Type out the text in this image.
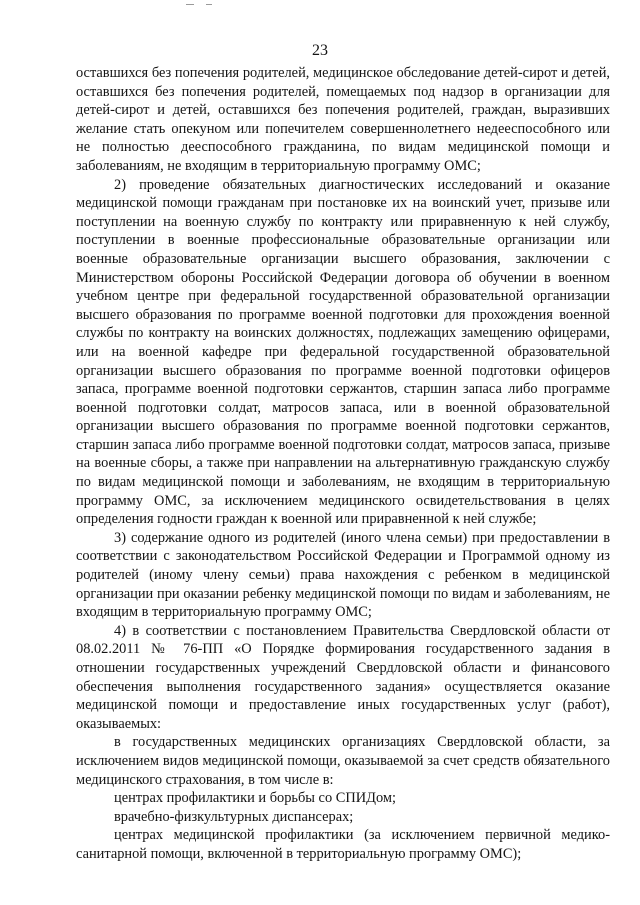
23

оставшихся без попечения родителей, медицинское обследование детей-сирот и детей, оставшихся без попечения родителей, помещаемых под надзор в организации для детей-сирот и детей, оставшихся без попечения родителей, граждан, выразивших желание стать опекуном или попечителем совершеннолетнего недееспособного или не полностью дееспособного гражданина, по видам медицинской помощи и заболеваниям, не входящим в территориальную программу ОМС;

2) проведение обязательных диагностических исследований и оказание медицинской помощи гражданам при постановке их на воинский учет, призыве или поступлении на военную службу по контракту или приравненную к ней службу, поступлении в военные профессиональные образовательные организации или военные образовательные организации высшего образования, заключении с Министерством обороны Российской Федерации договора об обучении в военном учебном центре при федеральной государственной образовательной организации высшего образования по программе военной подготовки для прохождения военной службы по контракту на воинских должностях, подлежащих замещению офицерами, или на военной кафедре при федеральной государственной образовательной организации высшего образования по программе военной подготовки офицеров запаса, программе военной подготовки сержантов, старшин запаса либо программе военной подготовки солдат, матросов запаса, или в военной образовательной организации высшего образования по программе военной подготовки сержантов, старшин запаса либо программе военной подготовки солдат, матросов запаса, призыве на военные сборы, а также при направлении на альтернативную гражданскую службу по видам медицинской помощи и заболеваниям, не входящим в территориальную программу ОМС, за исключением медицинского освидетельствования в целях определения годности граждан к военной или приравненной к ней службе;

3) содержание одного из родителей (иного члена семьи) при предоставлении в соответствии с законодательством Российской Федерации и Программой одному из родителей (иному члену семьи) права нахождения с ребенком в медицинской организации при оказании ребенку медицинской помощи по видам и заболеваниям, не входящим в территориальную программу ОМС;

4) в соответствии с постановлением Правительства Свердловской области от 08.02.2011 № 76-ПП «О Порядке формирования государственного задания в отношении государственных учреждений Свердловской области и финансового обеспечения выполнения государственного задания» осуществляется оказание медицинской помощи и предоставление иных государственных услуг (работ), оказываемых:

в государственных медицинских организациях Свердловской области, за исключением видов медицинской помощи, оказываемой за счет средств обязательного медицинского страхования, в том числе в:

центрах профилактики и борьбы со СПИДом;

врачебно-физкультурных диспансерах;

центрах медицинской профилактики (за исключением первичной медико-санитарной помощи, включенной в территориальную программу ОМС);
